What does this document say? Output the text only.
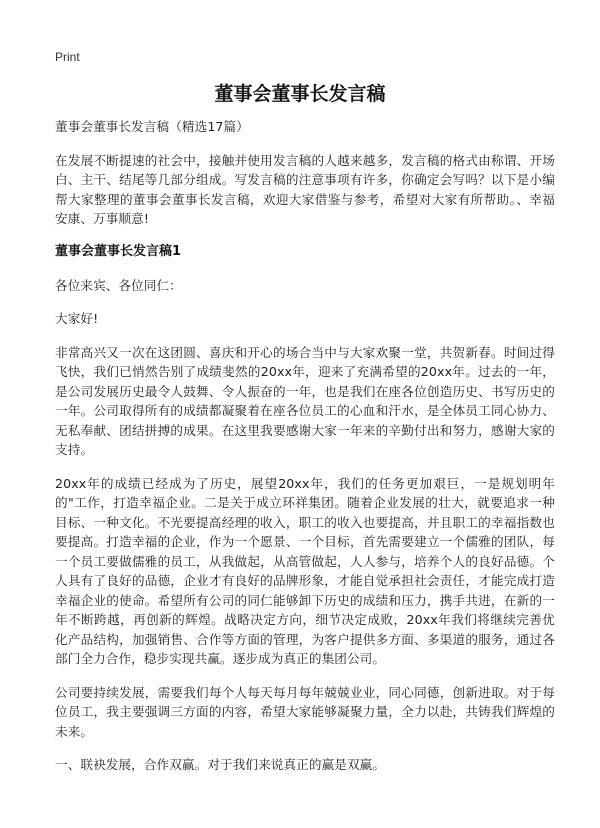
Print
董事会董事长发言稿

董事会董事长发言稿（精选17篇）

在发展不断提速的社会中，接触并使用发言稿的人越来越多，发言稿的格式由称谓、开场白、主干、结尾等几部分组成。写发言稿的注意事项有许多，你确定会写吗？以下是小编帮大家整理的董事会董事长发言稿，欢迎大家借鉴与参考，希望对大家有所帮助。、幸福安康、万事顺意!

董事会董事长发言稿1

各位来宾、各位同仁：

大家好!

非常高兴又一次在这团圆、喜庆和开心的场合当中与大家欢聚一堂，共贺新春。时间过得飞快，我们已悄然告别了成绩斐然的20xx年，迎来了充满希望的20xx年。过去的一年，是公司发展历史最令人鼓舞、令人振奋的一年，也是我们在座各位创造历史、书写历史的一年。公司取得所有的成绩都凝聚着在座各位员工的心血和汗水，是全体员工同心协力、无私奉献、团结拼搏的成果。在这里我要感谢大家一年来的辛勤付出和努力，感谢大家的支持。

20xx年的成绩已经成为了历史，展望20xx年，我们的任务更加艰巨，一是规划明年的"工作，打造幸福企业。二是关于成立环祥集团。随着企业发展的壮大，就要追求一种目标、一种文化。不光要提高经理的收入，职工的收入也要提高，并且职工的幸福指数也要提高。打造幸福的企业，作为一个愿景、一个目标，首先需要建立一个儒雅的团队，每一个员工要做儒雅的员工，从我做起，从高管做起，人人参与，培养个人的良好品德。个人具有了良好的品德，企业才有良好的品牌形象，才能自觉承担社会责任，才能完成打造幸福企业的使命。希望所有公司的同仁能够卸下历史的成绩和压力，携手共进，在新的一年不断跨越，再创新的辉煌。战略决定方向，细节决定成败，20xx年我们将继续完善优化产品结构，加强销售、合作等方面的管理，为客户提供多方面、多渠道的服务，通过各部门全力合作，稳步实现共赢。逐步成为真正的集团公司。

公司要持续发展，需要我们每个人每天每月每年兢兢业业，同心同德，创新进取。对于每位员工，我主要强调三方面的内容，希望大家能够凝聚力量，全力以赴，共铸我们辉煌的未来。

一、联袂发展，合作双赢。对于我们来说真正的赢是双赢。
